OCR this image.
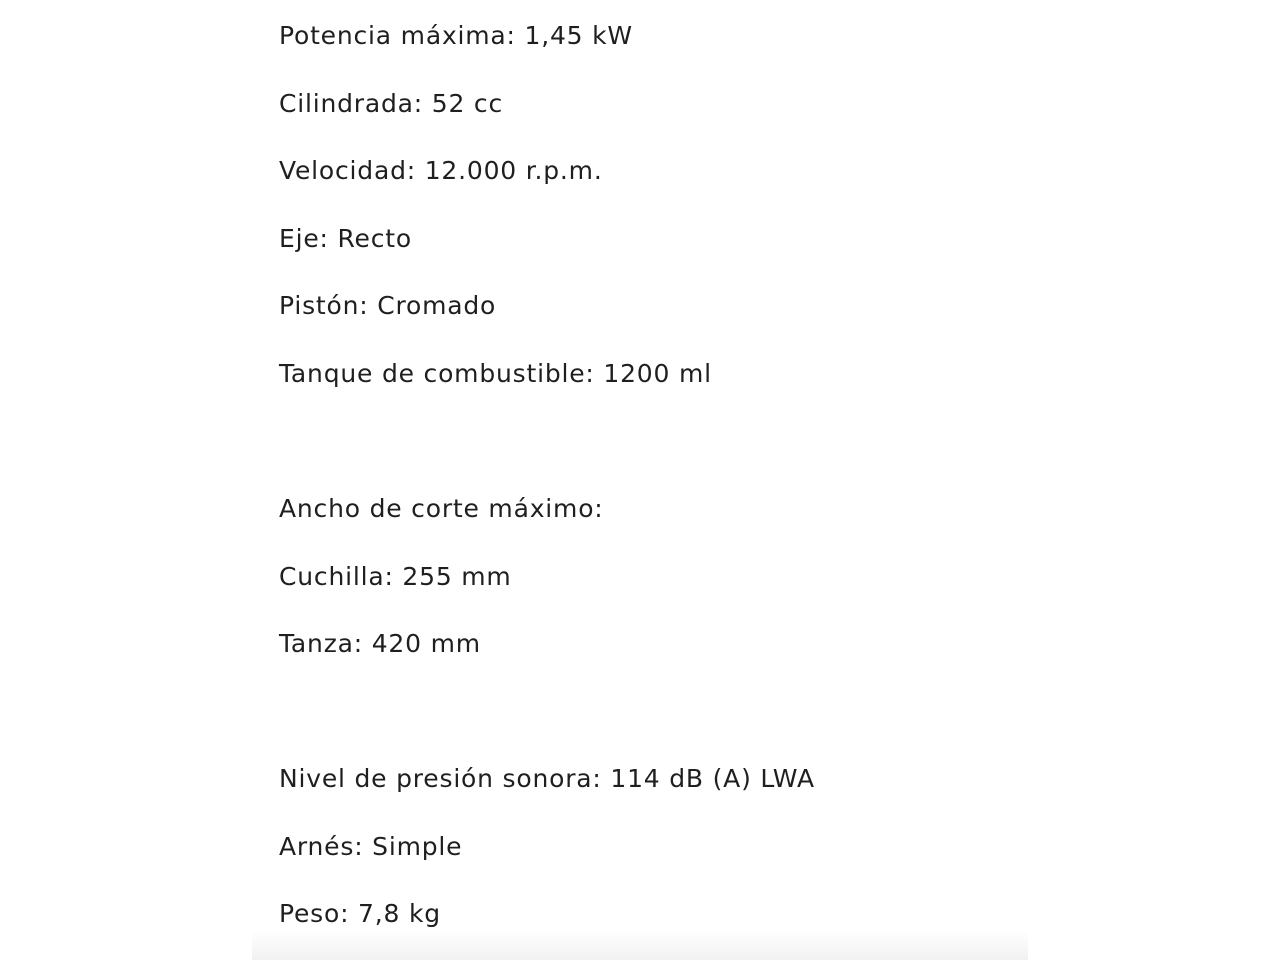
Potencia máxima: 1,45 kW

Cilindrada: 52 cc

Velocidad: 12.000 r.p.m.

Eje: Recto

Pistón: Cromado

Tanque de combustible: 1200 ml

Ancho de corte máximo:

Cuchilla: 255 mm

Tanza: 420 mm

Nivel de presión sonora: 114 dB (A) LWA

Arnés: Simple

Peso: 7,8 kg
